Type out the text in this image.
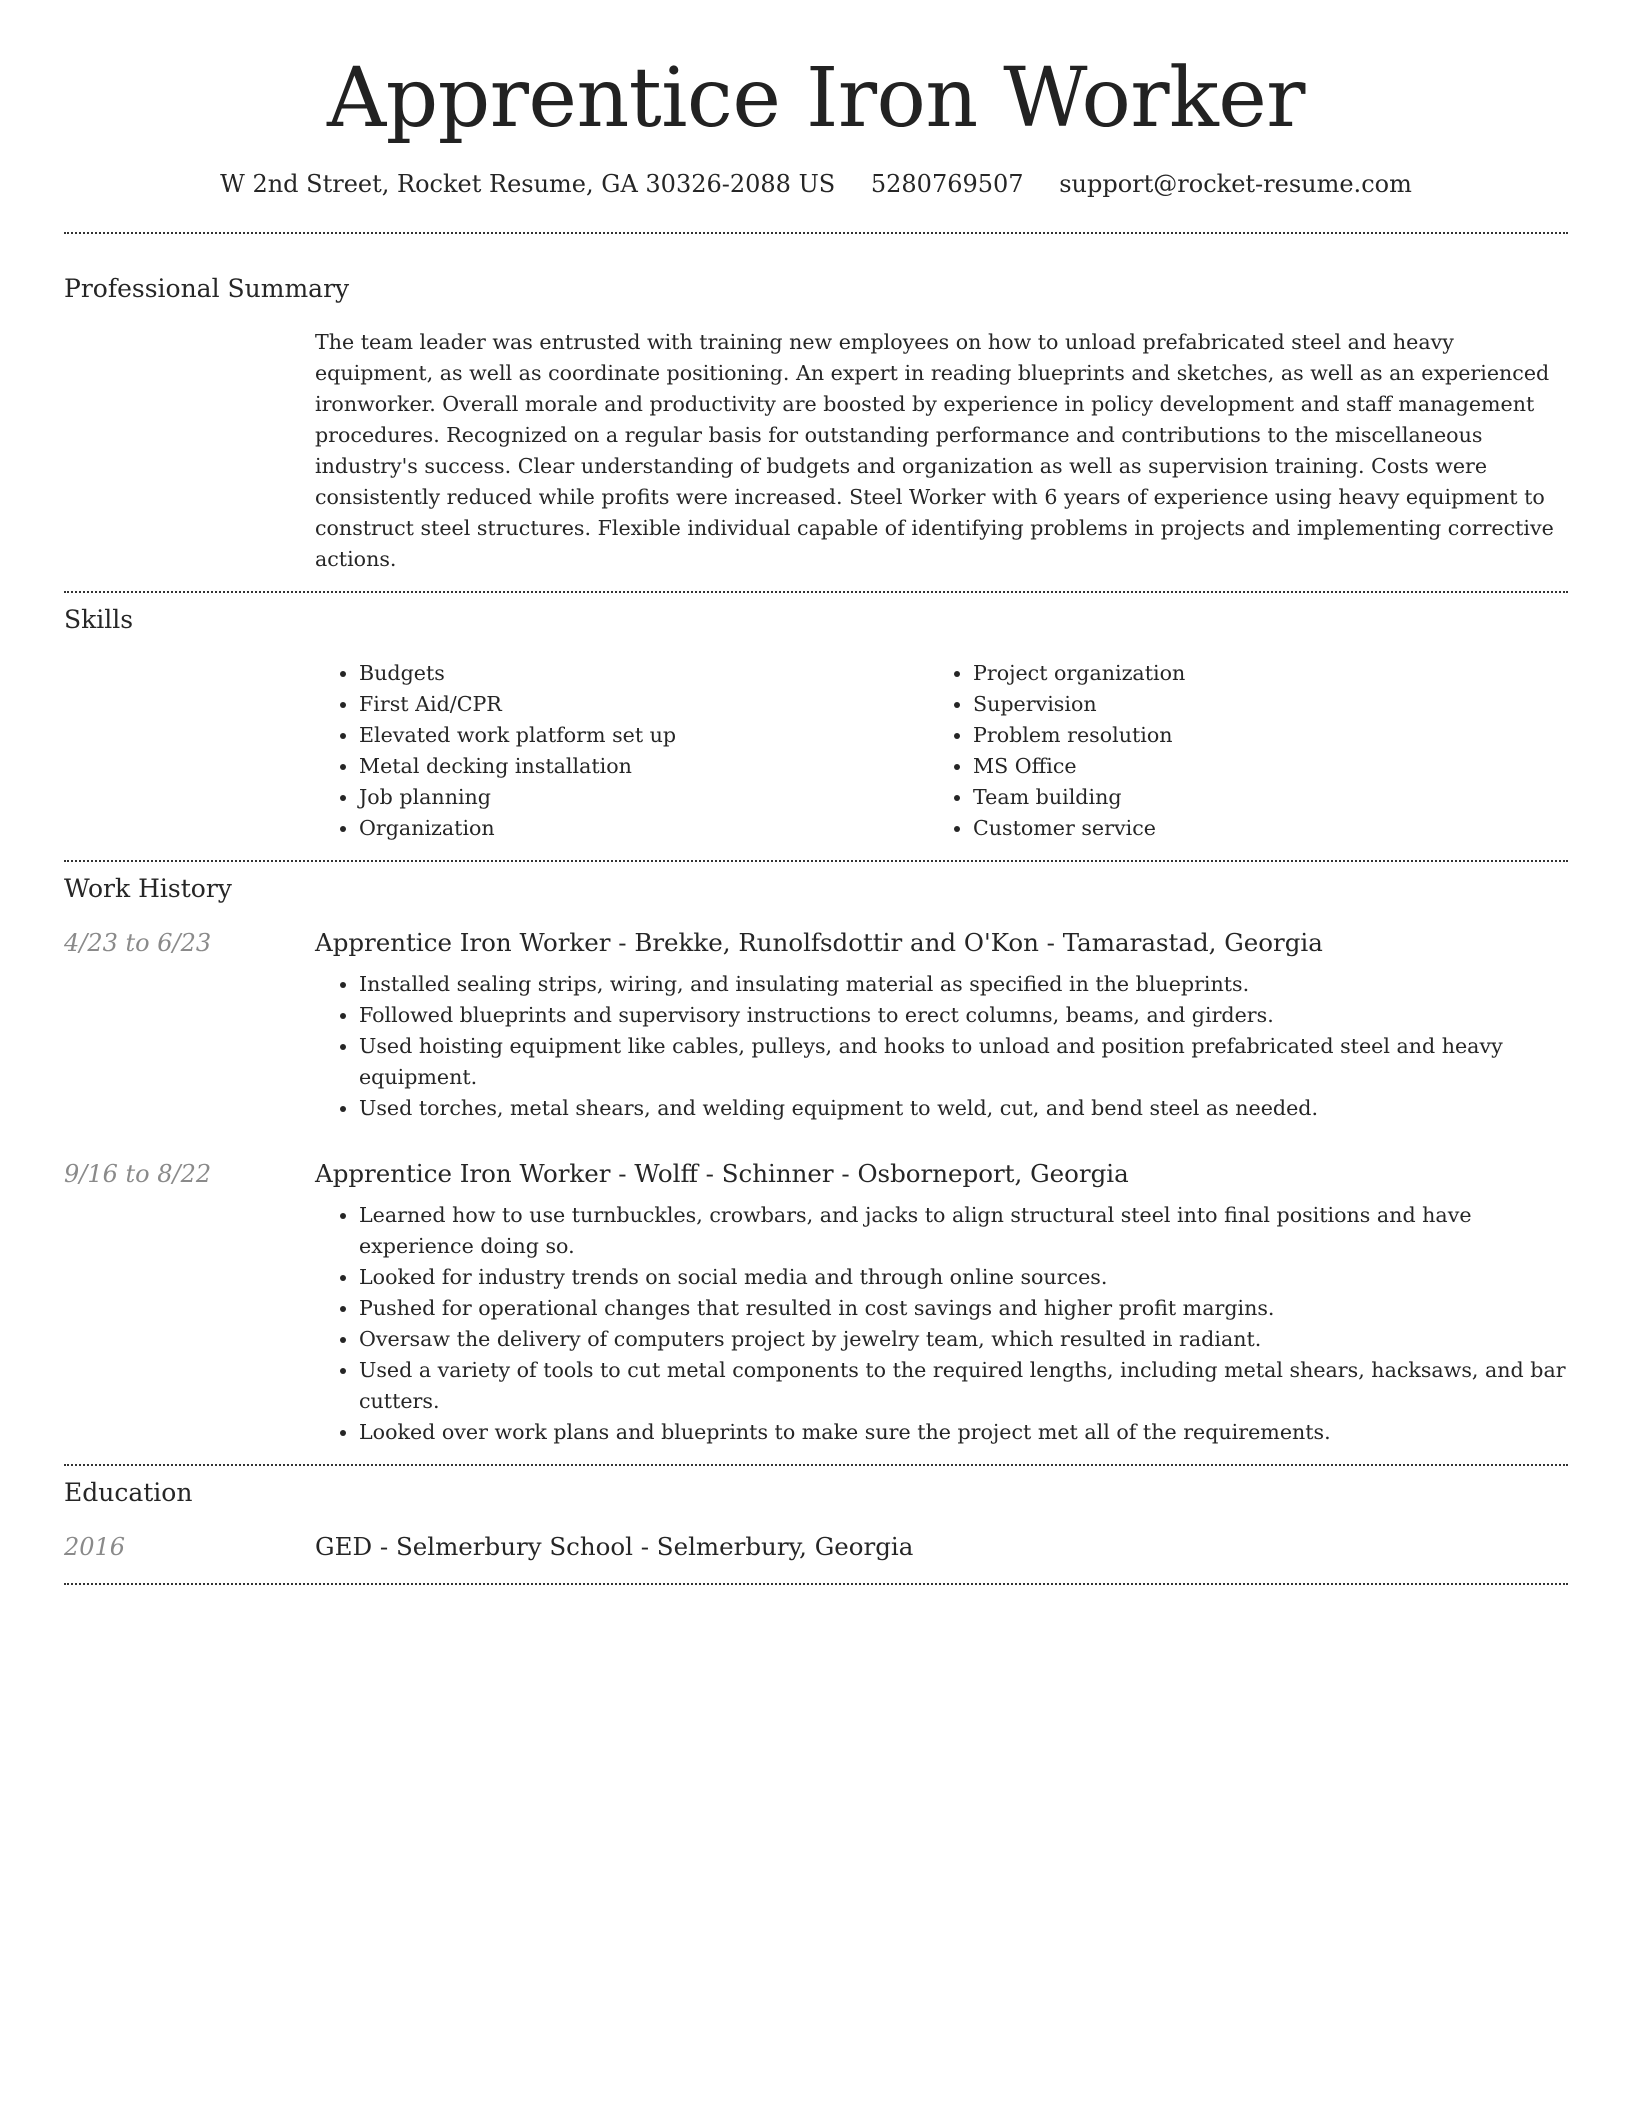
Apprentice Iron Worker
W 2nd Street, Rocket Resume, GA 30326-2088 US 5280769507 support@rocket-resume.com
Professional Summary
The team leader was entrusted with training new employees on how to unload prefabricated steel and heavy equipment, as well as coordinate positioning. An expert in reading blueprints and sketches, as well as an experienced ironworker. Overall morale and productivity are boosted by experience in policy development and staff management procedures. Recognized on a regular basis for outstanding performance and contributions to the miscellaneous industry's success. Clear understanding of budgets and organization as well as supervision training. Costs were consistently reduced while profits were increased. Steel Worker with 6 years of experience using heavy equipment to construct steel structures. Flexible individual capable of identifying problems in projects and implementing corrective actions.
Skills
• Budgets
• First Aid/CPR
• Elevated work platform set up
• Metal decking installation
• Job planning
• Organization
• Project organization
• Supervision
• Problem resolution
• MS Office
• Team building
• Customer service
Work History
4/23 to 6/23	Apprentice Iron Worker - Brekke, Runolfsdottir and O'Kon - Tamarastad, Georgia
• Installed sealing strips, wiring, and insulating material as specified in the blueprints.
• Followed blueprints and supervisory instructions to erect columns, beams, and girders.
• Used hoisting equipment like cables, pulleys, and hooks to unload and position prefabricated steel and heavy equipment.
• Used torches, metal shears, and welding equipment to weld, cut, and bend steel as needed.
9/16 to 8/22	Apprentice Iron Worker - Wolff - Schinner - Osborneport, Georgia
• Learned how to use turnbuckles, crowbars, and jacks to align structural steel into final positions and have experience doing so.
• Looked for industry trends on social media and through online sources.
• Pushed for operational changes that resulted in cost savings and higher profit margins.
• Oversaw the delivery of computers project by jewelry team, which resulted in radiant.
• Used a variety of tools to cut metal components to the required lengths, including metal shears, hacksaws, and bar cutters.
• Looked over work plans and blueprints to make sure the project met all of the requirements.
Education
2016	GED - Selmerbury School - Selmerbury, Georgia
